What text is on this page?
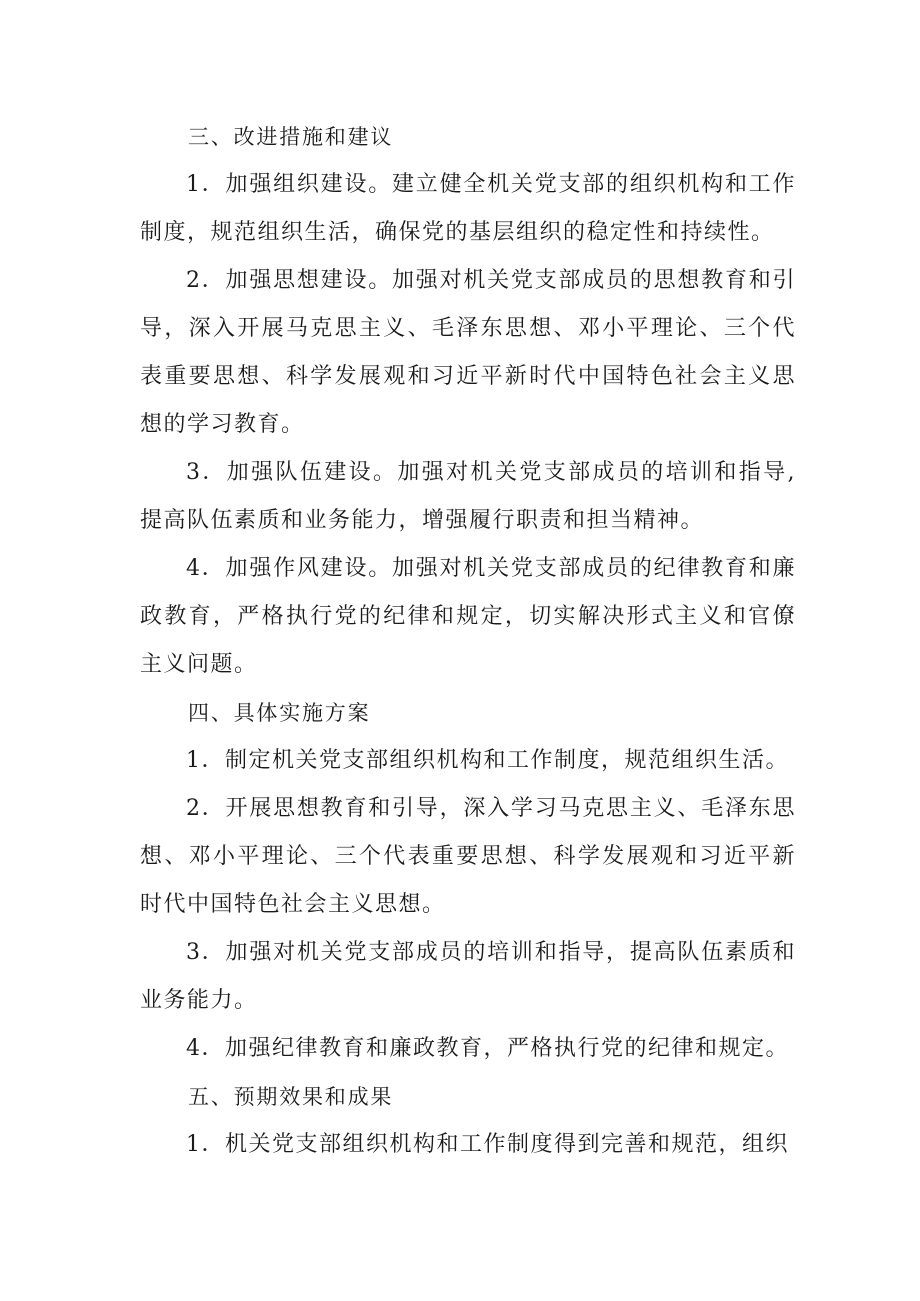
三、改进措施和建议

1．加强组织建设。建立健全机关党支部的组织机构和工作制度，规范组织生活，确保党的基层组织的稳定性和持续性。

2．加强思想建设。加强对机关党支部成员的思想教育和引导，深入开展马克思主义、毛泽东思想、邓小平理论、三个代表重要思想、科学发展观和习近平新时代中国特色社会主义思想的学习教育。

3．加强队伍建设。加强对机关党支部成员的培训和指导,提高队伍素质和业务能力，增强履行职责和担当精神。

4．加强作风建设。加强对机关党支部成员的纪律教育和廉政教育，严格执行党的纪律和规定，切实解决形式主义和官僚主义问题。

四、具体实施方案

1．制定机关党支部组织机构和工作制度，规范组织生活。

2．开展思想教育和引导，深入学习马克思主义、毛泽东思想、邓小平理论、三个代表重要思想、科学发展观和习近平新时代中国特色社会主义思想。

3．加强对机关党支部成员的培训和指导，提高队伍素质和业务能力。

4．加强纪律教育和廉政教育，严格执行党的纪律和规定。

五、预期效果和成果

1．机关党支部组织机构和工作制度得到完善和规范，组织
